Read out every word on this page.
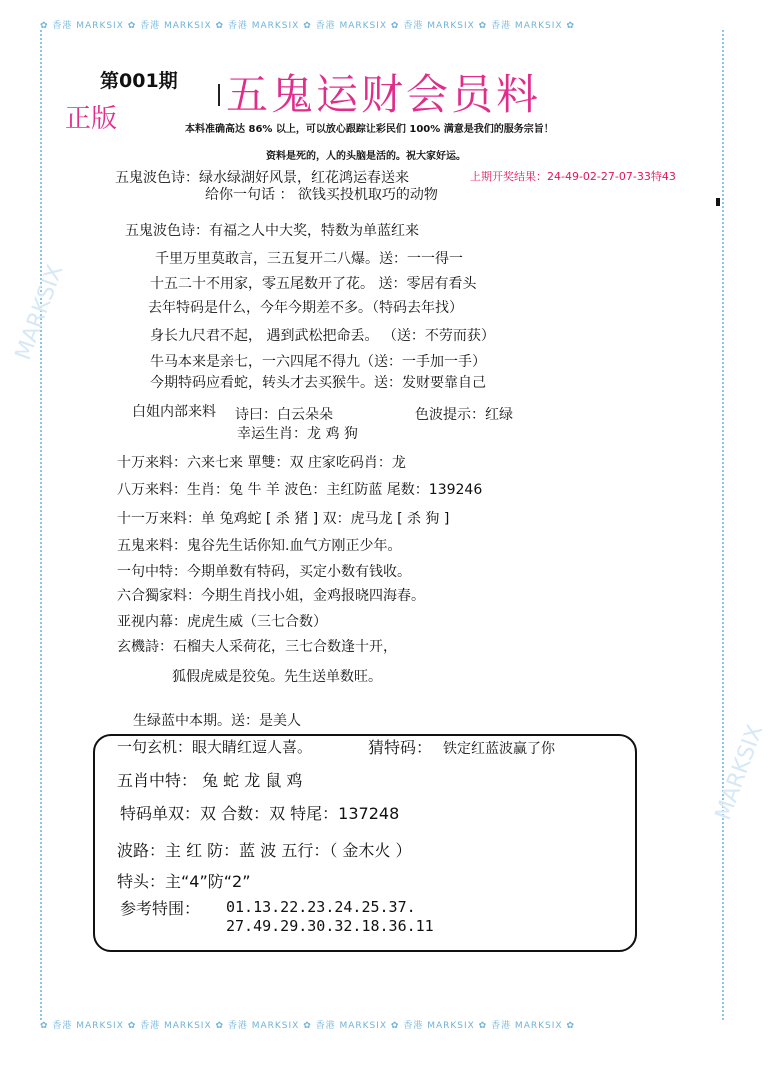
✿ 香港 MARKSIX ✿ 香港 MARKSIX ✿ 香港 MARKSIX ✿ 香港 MARKSIX ✿ 香港 MARKSIX ✿ 香港 MARKSIX ✿
✿ 香港 MARKSIX ✿ 香港 MARKSIX ✿ 香港 MARKSIX ✿ 香港 MARKSIX ✿ 香港 MARKSIX ✿ 香港 MARKSIX ✿
MARKSIX
MARKSIX
第001期
正版	五鬼运财会员料
本料准确高达 86% 以上，可以放心跟踪让彩民们 100% 满意是我们的服务宗旨！
资料是死的，人的头脑是活的。祝大家好运。
五鬼波色诗：绿水绿湖好风景，红花鸿运春送来	上期开奖结果：24-49-02-27-07-33特43
给你一句话 ： 欲钱买投机取巧的动物
五鬼波色诗：有福之人中大奖，特数为单蓝红来
千里万里莫敢言，三五复开二八爆。送：一一得一
十五二十不用家，零五尾数开了花。 送：零居有看头
去年特码是什么，今年今期差不多。（特码去年找）
身长九尺君不起， 遇到武松把命丢。 （送：不劳而获）
牛马本来是亲七，一六四尾不得九（送：一手加一手）
今期特码应看蛇，转头才去买猴牛。送：发财要靠自己
白姐内部来料 诗曰：白云朵朵	色波提示：红绿
幸运生肖：龙 鸡 狗
十万来料：六来七来 單雙：双 庄家吃码肖：龙
八万来料：生肖：兔 牛 羊 波色：主红防蓝 尾数：139246
十一万来料：单 兔鸡蛇 [ 杀 猪 ] 双：虎马龙 [ 杀 狗 ]
五鬼来料：鬼谷先生话你知.血气方刚正少年。
一句中特：今期单数有特码，买定小数有钱收。
六合獨家料：今期生肖找小姐，金鸡报晓四海春。
亚视内幕：虎虎生威（三七合数）
玄機詩：石榴夫人采荷花，三七合数逢十开，
狐假虎威是狡兔。先生送单数旺。
生绿蓝中本期。送：是美人
一句玄机：眼大睛红逗人喜。	猜特码： 铁定红蓝波赢了你
五肖中特： 兔 蛇 龙 鼠 鸡
特码单双：双 合数：双 特尾：137248
波路：主 红 防：蓝 波 五行：（ 金木火 ）
特头：主“4”防“2”
参考特围： 01.13.22.23.24.25.37.
27.49.29.30.32.18.36.11
